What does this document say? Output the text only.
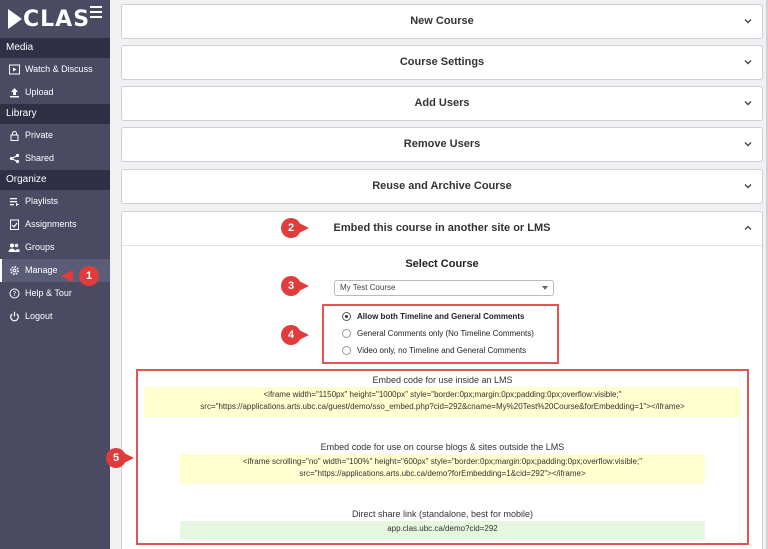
CLAS
Media
Watch & Discuss
Upload
Library
Private
Shared
Organize
Playlists
Assignments
Groups
Manage
? Help & Tour
Logout
New Course
Course Settings
Add Users
Remove Users
Reuse and Archive Course
Embed this course in another site or LMS
Select Course
My Test Course
Allow both Timeline and General Comments
General Comments only (No Timeline Comments)
Video only, no Timeline and General Comments
Embed code for use inside an LMS
<iframe width="1150px" height="1000px" style="border:0px;margin:0px;padding:0px;overflow:visible;"
src="https://applications.arts.ubc.ca/guest/demo/sso_embed.php?cid=292&cname=My%20Test%20Course&forEmbedding=1"></iframe>
Embed code for use on course blogs & sites outside the LMS
<iframe scrolling="no" width="100%" height="600px" style="border:0px;margin:0px;padding:0px;overflow:visible;"
src="https://applications.arts.ubc.ca/demo?forEmbedding=1&cid=292"></iframe>
Direct share link (standalone, best for mobile)
app.clas.ubc.ca/demo?cid=292
1
2
3
4
5
